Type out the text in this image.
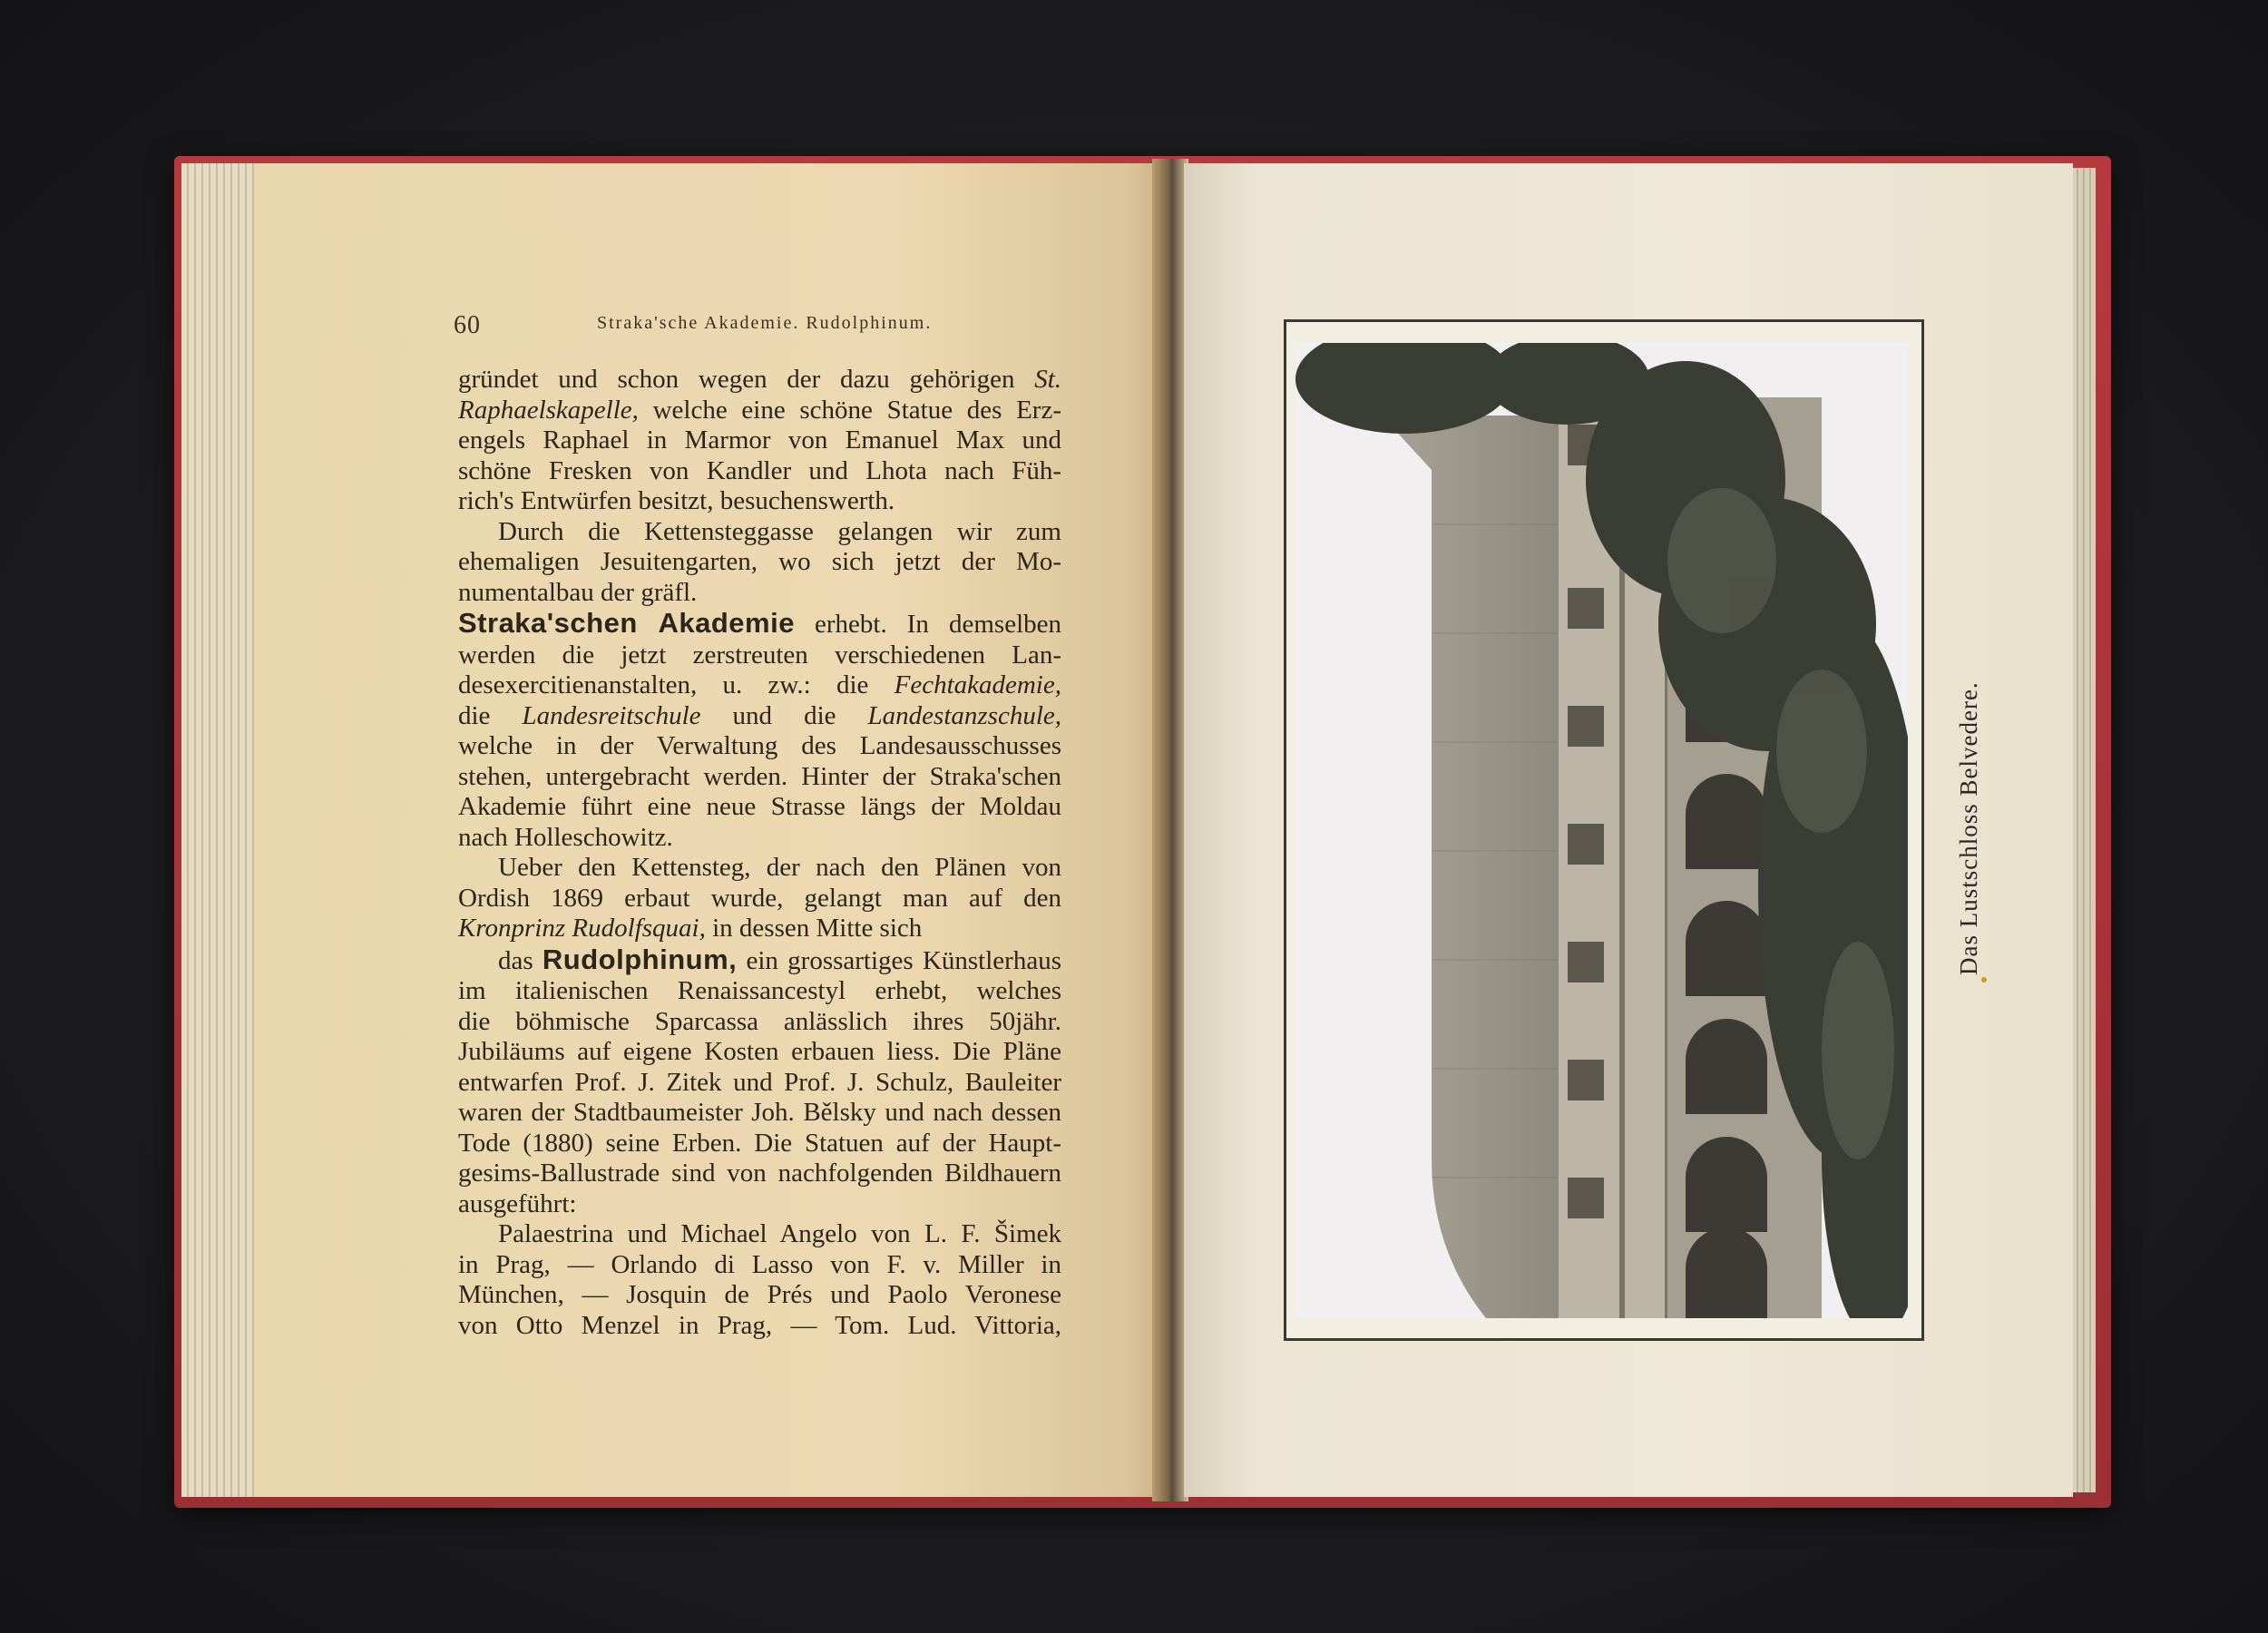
60	Straka'sche Akademie. Rudolphinum.
gründet und schon wegen der dazu gehörigen St.
Raphaelskapelle, welche eine schöne Statue des Erz-
engels Raphael in Marmor von Emanuel Max und
schöne Fresken von Kandler und Lhota nach Füh-
rich's Entwürfen besitzt, besuchenswerth.
Durch die Kettensteggasse gelangen wir zum
ehemaligen Jesuitengarten, wo sich jetzt der Mo-
numentalbau der gräfl.
Straka'schen Akademie erhebt. In demselben
werden die jetzt zerstreuten verschiedenen Lan-
desexercitienanstalten, u. zw.: die Fechtakademie,
die Landesreitschule und die Landestanzschule,
welche in der Verwaltung des Landesausschusses
stehen, untergebracht werden. Hinter der Straka'schen
Akademie führt eine neue Strasse längs der Moldau
nach Holleschowitz.
Ueber den Kettensteg, der nach den Plänen von
Ordish 1869 erbaut wurde, gelangt man auf den
Kronprinz Rudolfsquai, in dessen Mitte sich
das Rudolphinum, ein grossartiges Künstlerhaus
im italienischen Renaissancestyl erhebt, welches
die böhmische Sparcassa anlässlich ihres 50jähr.
Jubiläums auf eigene Kosten erbauen liess. Die Pläne
entwarfen Prof. J. Zitek und Prof. J. Schulz, Bauleiter
waren der Stadtbaumeister Joh. Bělsky und nach dessen
Tode (1880) seine Erben. Die Statuen auf der Haupt-
gesims-Ballustrade sind von nachfolgenden Bildhauern
ausgeführt:
Palaestrina und Michael Angelo von L. F. Šimek
in Prag, — Orlando di Lasso von F. v. Miller in
München, — Josquin de Prés und Paolo Veronese
von Otto Menzel in Prag, — Tom. Lud. Vittoria,
Das Lustschloss Belvedere.
